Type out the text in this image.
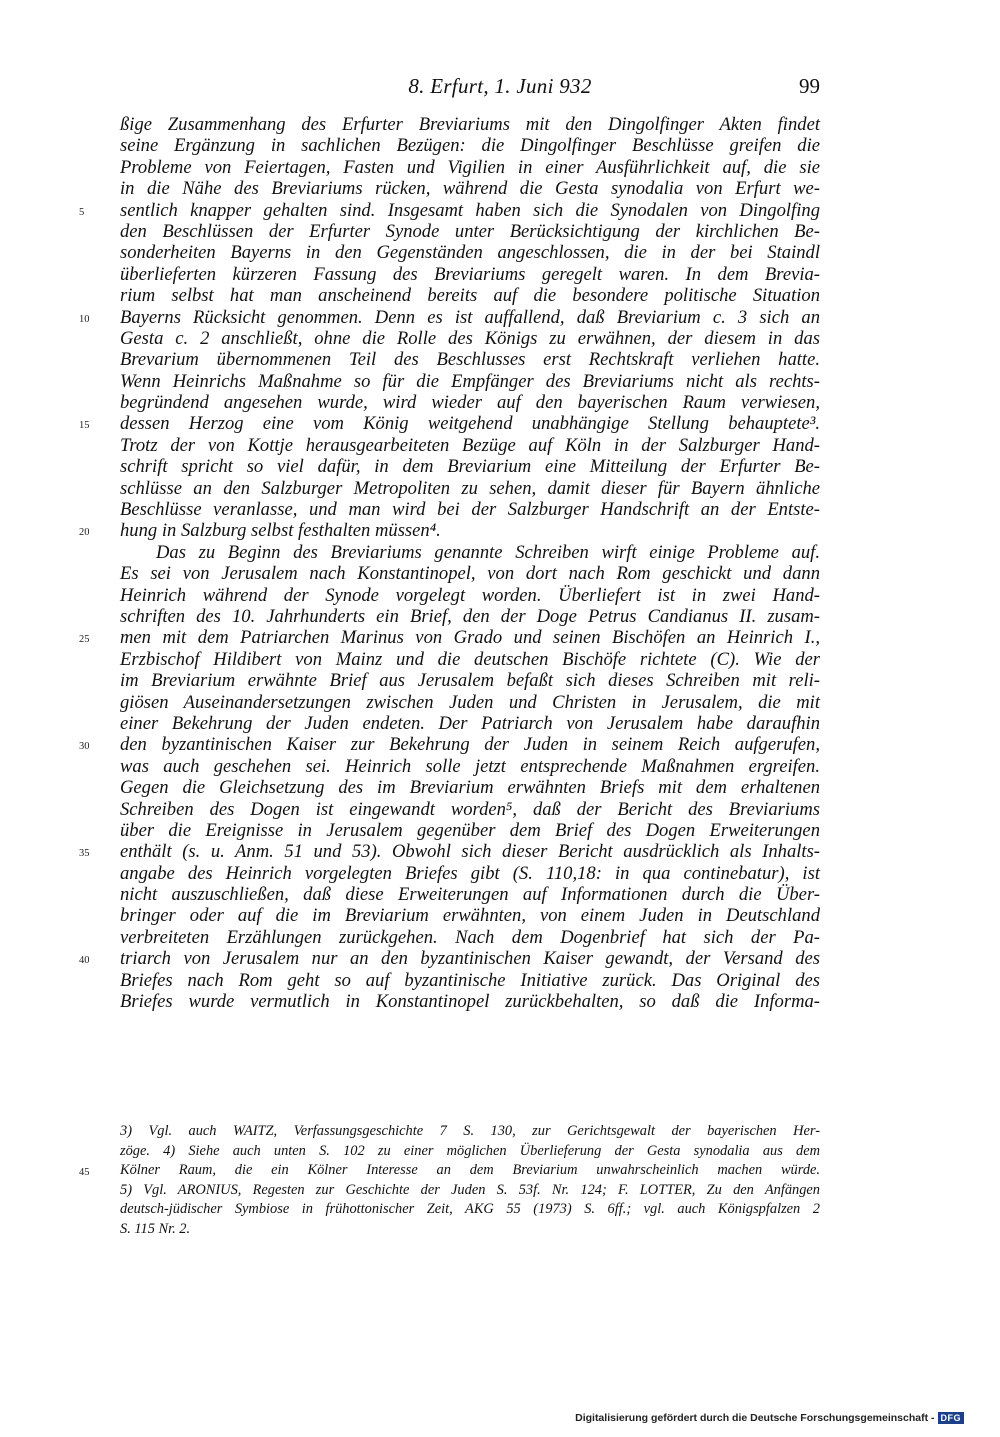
8. Erfurt, 1. Juni 932	99
ßige Zusammenhang des Erfurter Breviariums mit den Dingolfinger Akten findet
seine Ergänzung in sachlichen Bezügen: die Dingolfinger Beschlüsse greifen die
Probleme von Feiertagen, Fasten und Vigilien in einer Ausführlichkeit auf, die sie
in die Nähe des Breviariums rücken, während die Gesta synodalia von Erfurt we-
5	sentlich knapper gehalten sind. Insgesamt haben sich die Synodalen von Dingolfing
den Beschlüssen der Erfurter Synode unter Berücksichtigung der kirchlichen Be-
sonderheiten Bayerns in den Gegenständen angeschlossen, die in der bei Staindl
überlieferten kürzeren Fassung des Breviariums geregelt waren. In dem Brevia-
rium selbst hat man anscheinend bereits auf die besondere politische Situation
10	Bayerns Rücksicht genommen. Denn es ist auffallend, daß Breviarium c. 3 sich an
Gesta c. 2 anschließt, ohne die Rolle des Königs zu erwähnen, der diesem in das
Brevarium übernommenen Teil des Beschlusses erst Rechtskraft verliehen hatte.
Wenn Heinrichs Maßnahme so für die Empfänger des Breviariums nicht als rechts-
begründend angesehen wurde, wird wieder auf den bayerischen Raum verwiesen,
15	dessen Herzog eine vom König weitgehend unabhängige Stellung behauptete³.
Trotz der von Kottje herausgearbeiteten Bezüge auf Köln in der Salzburger Hand-
schrift spricht so viel dafür, in dem Breviarium eine Mitteilung der Erfurter Be-
schlüsse an den Salzburger Metropoliten zu sehen, damit dieser für Bayern ähnliche
Beschlüsse veranlasse, und man wird bei der Salzburger Handschrift an der Entste-
20	hung in Salzburg selbst festhalten müssen⁴.
Das zu Beginn des Breviariums genannte Schreiben wirft einige Probleme auf.
Es sei von Jerusalem nach Konstantinopel, von dort nach Rom geschickt und dann
Heinrich während der Synode vorgelegt worden. Überliefert ist in zwei Hand-
schriften des 10. Jahrhunderts ein Brief, den der Doge Petrus Candianus II. zusam-
25	men mit dem Patriarchen Marinus von Grado und seinen Bischöfen an Heinrich I.,
Erzbischof Hildibert von Mainz und die deutschen Bischöfe richtete (C). Wie der
im Breviarium erwähnte Brief aus Jerusalem befaßt sich dieses Schreiben mit reli-
giösen Auseinandersetzungen zwischen Juden und Christen in Jerusalem, die mit
einer Bekehrung der Juden endeten. Der Patriarch von Jerusalem habe daraufhin
30	den byzantinischen Kaiser zur Bekehrung der Juden in seinem Reich aufgerufen,
was auch geschehen sei. Heinrich solle jetzt entsprechende Maßnahmen ergreifen.
Gegen die Gleichsetzung des im Breviarium erwähnten Briefs mit dem erhaltenen
Schreiben des Dogen ist eingewandt worden⁵, daß der Bericht des Breviariums
über die Ereignisse in Jerusalem gegenüber dem Brief des Dogen Erweiterungen
35	enthält (s. u. Anm. 51 und 53). Obwohl sich dieser Bericht ausdrücklich als Inhalts-
angabe des Heinrich vorgelegten Briefes gibt (S. 110,18: in qua continebatur), ist
nicht auszuschließen, daß diese Erweiterungen auf Informationen durch die Über-
bringer oder auf die im Breviarium erwähnten, von einem Juden in Deutschland
verbreiteten Erzählungen zurückgehen. Nach dem Dogenbrief hat sich der Pa-
40	triarch von Jerusalem nur an den byzantinischen Kaiser gewandt, der Versand des
Briefes nach Rom geht so auf byzantinische Initiative zurück. Das Original des
Briefes wurde vermutlich in Konstantinopel zurückbehalten, so daß die Informa-
3) Vgl. auch WAITZ, Verfassungsgeschichte 7 S. 130, zur Gerichtsgewalt der bayerischen Her-
zöge. 4) Siehe auch unten S. 102 zu einer möglichen Überlieferung der Gesta synodalia aus dem
45	Kölner Raum, die ein Kölner Interesse an dem Breviarium unwahrscheinlich machen würde.
5) Vgl. ARONIUS, Regesten zur Geschichte der Juden S. 53f. Nr. 124; F. LOTTER, Zu den Anfängen
deutsch-jüdischer Symbiose in frühottonischer Zeit, AKG 55 (1973) S. 6ff.; vgl. auch Königspfalzen 2
S. 115 Nr. 2.
Digitalisierung gefördert durch die Deutsche Forschungsgemeinschaft - DFG
